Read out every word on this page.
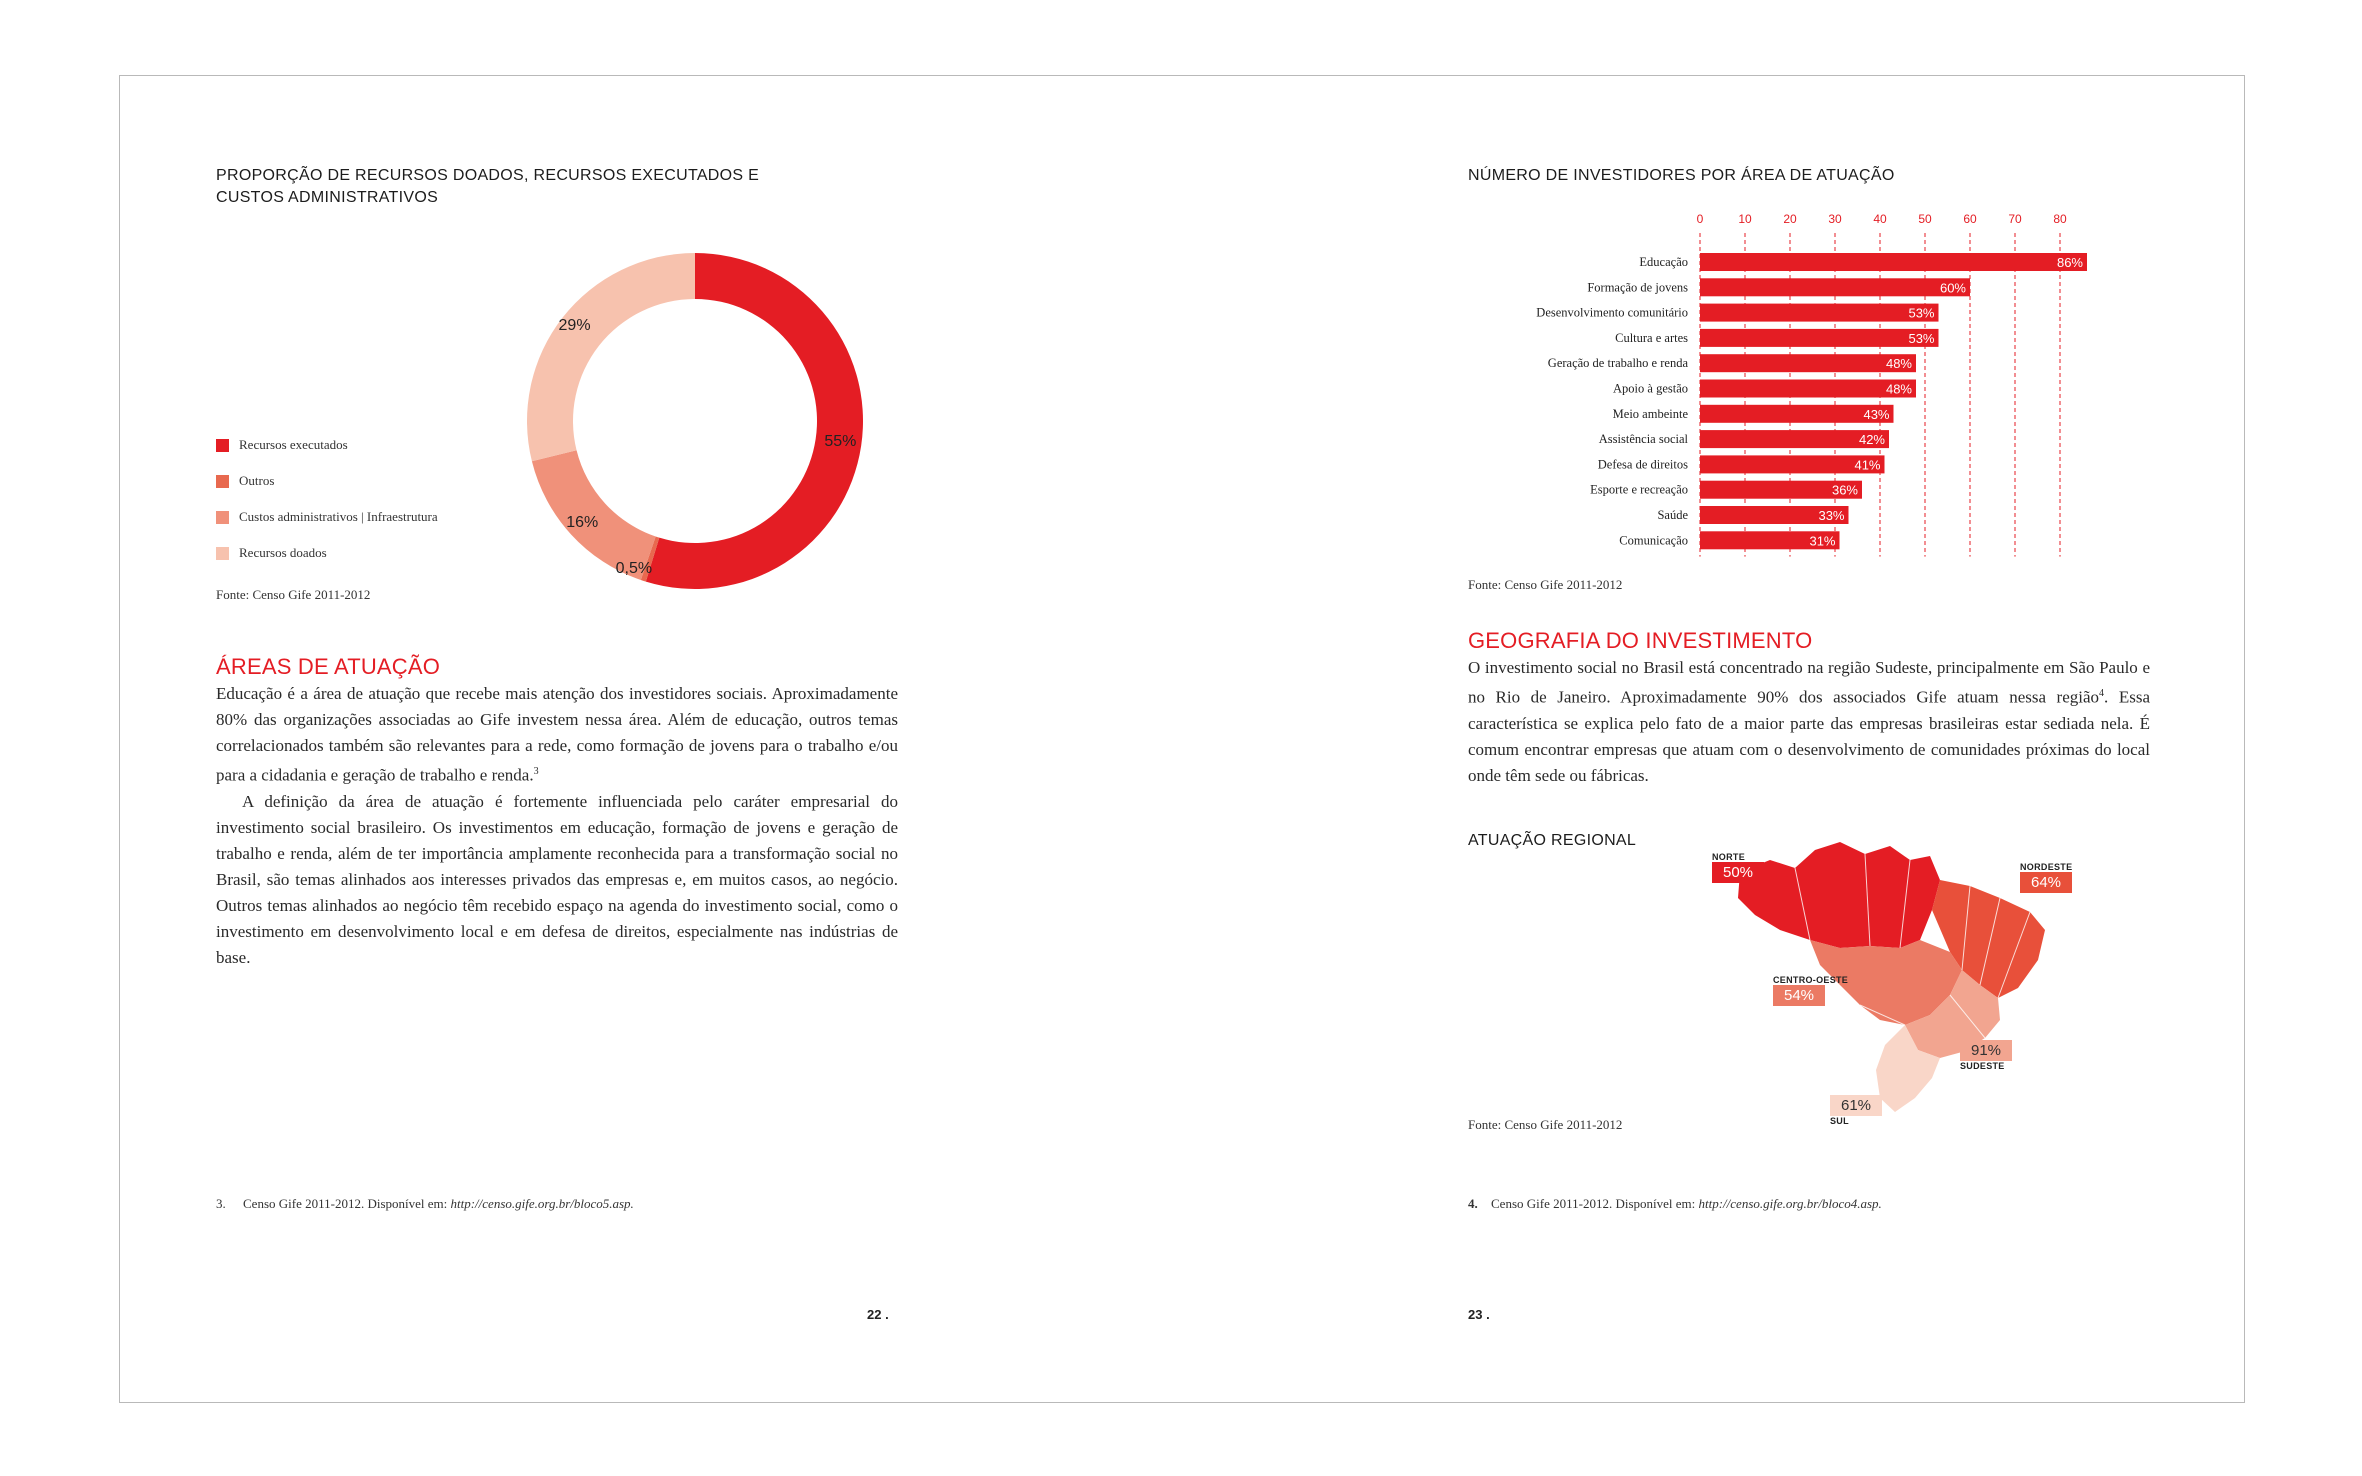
PROPORÇÃO DE RECURSOS DOADOS, RECURSOS EXECUTADOS E
CUSTOS ADMINISTRATIVOS
55%
0,5%
16%
29%
Recursos executados
Outros
Custos administrativos | Infraestrutura
Recursos doados
Fonte: Censo Gife 2011-2012
ÁREAS DE ATUAÇÃO

Educação é a área de atuação que recebe mais atenção dos investidores sociais. Aproximadamente 80% das organizações associadas ao Gife investem nessa área. Além de educação, outros temas correlacionados também são relevantes para a rede, como formação de jovens para o trabalho e/ou para a cidadania e geração de trabalho e renda.$^3$

A definição da área de atuação é fortemente influenciada pelo caráter empresarial do investimento social brasileiro. Os investimentos em educação, formação de jovens e geração de trabalho e renda, além de ter importância amplamente reconhecida para a transformação social no Brasil, são temas alinhados aos interesses privados das empresas e, em muitos casos, ao negócio. Outros temas alinhados ao negócio têm recebido espaço na agenda do investimento social, como o investimento em desenvolvimento local e em defesa de direitos, especialmente nas indústrias de base.

3. Censo Gife 2011-2012. Disponível em: http://censo.gife.org.br/bloco5.asp.
22 .
NÚMERO DE INVESTIDORES POR ÁREA DE ATUAÇÃO
0	10	20	30	40	50	60	70	80
Educação	86%
Formação de jovens	60%
Desenvolvimento comunitário	53%
Cultura e artes	53%
Geração de trabalho e renda	48%
Apoio à gestão	48%
Meio ambeinte	43%
Assistência social	42%
Defesa de direitos	41%
Esporte e recreação	36%
Saúde	33%
Comunicação	31%
Fonte: Censo Gife 2011-2012
GEOGRAFIA DO INVESTIMENTO

O investimento social no Brasil está concentrado na região Sudeste, principalmente em São Paulo e no Rio de Janeiro. Aproximadamente 90% dos associados Gife atuam nessa região$^4$. Essa característica se explica pelo fato de a maior parte das empresas brasileiras estar sediada nela. É comum encontrar empresas que atuam com o desenvolvimento de comunidades próximas do local onde têm sede ou fábricas.

ATUAÇÃO REGIONAL
NORTE
50%	NORDESTE
64%
CENTRO-OESTE
54%
91%
SUDESTE
61%
SUL
Fonte: Censo Gife 2011-2012
4. Censo Gife 2011-2012. Disponível em: http://censo.gife.org.br/bloco4.asp.
23 .
